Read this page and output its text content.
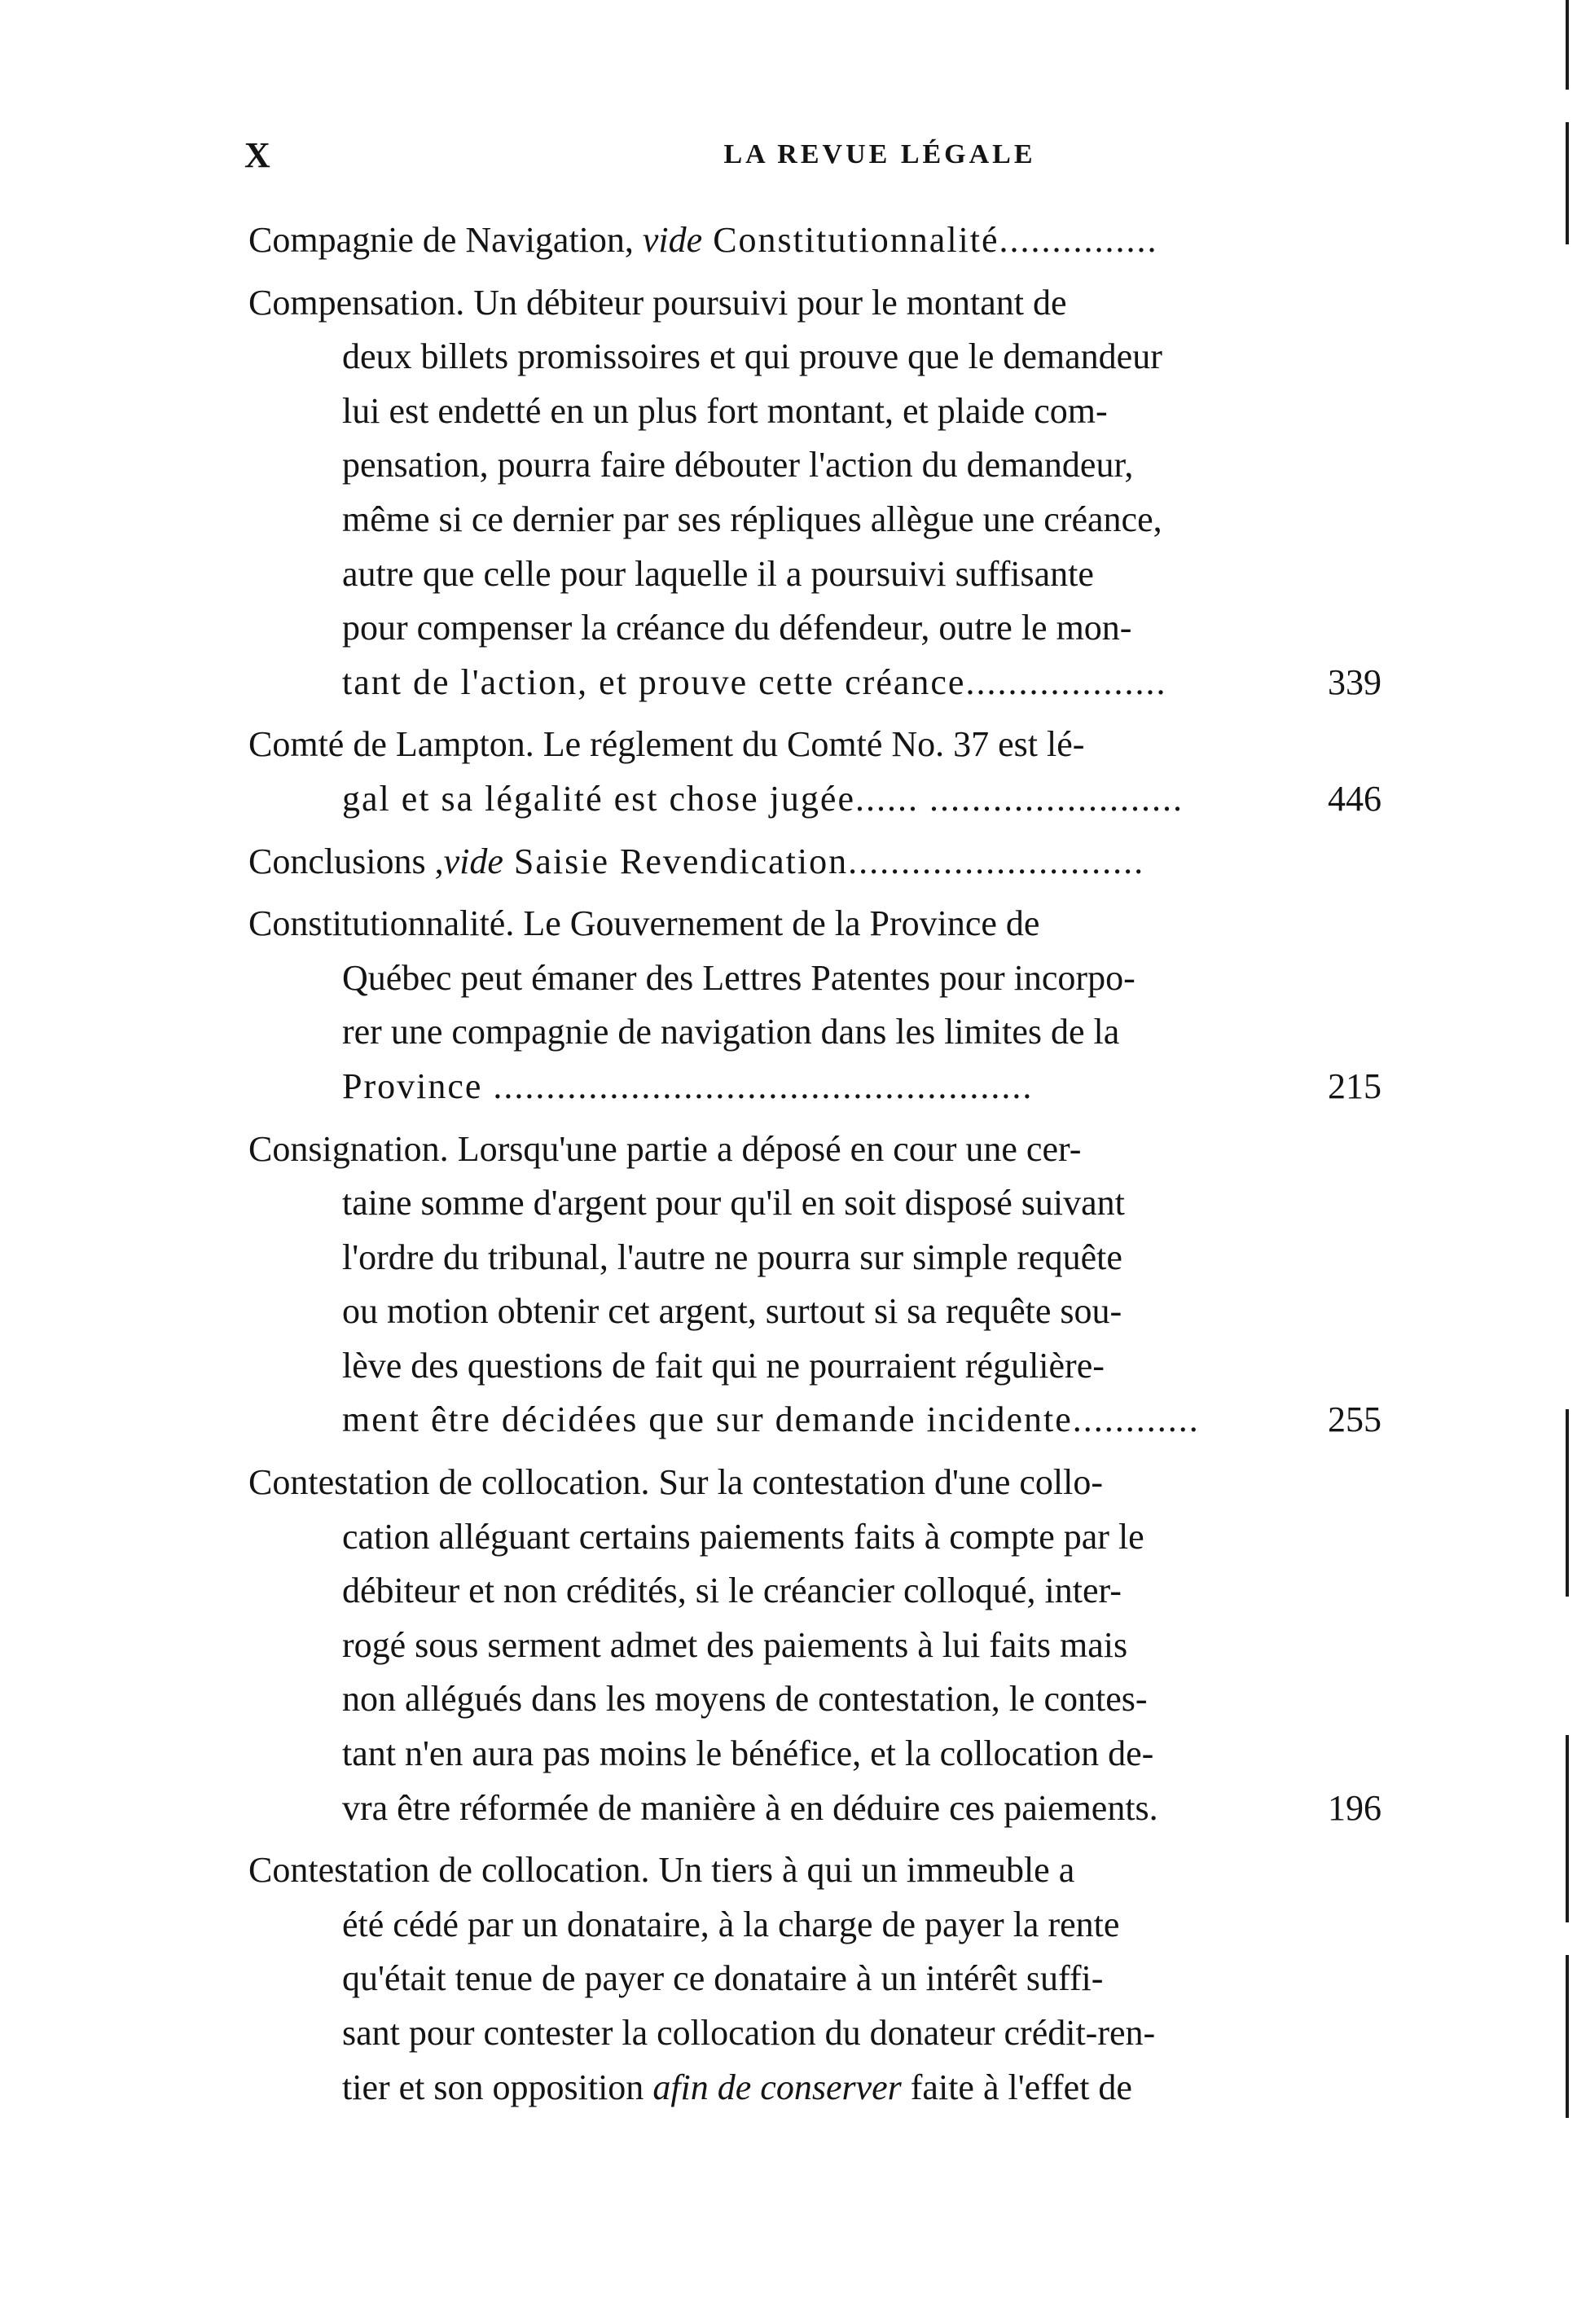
X	LA REVUE LÉGALE
Compagnie de Navigation, vide Constitutionnalité...............
Compensation. Un débiteur poursuivi pour le montant de
deux billets promissoires et qui prouve que le demandeur
lui est endetté en un plus fort montant, et plaide com-
pensation, pourra faire débouter l'action du demandeur,
même si ce dernier par ses répliques allègue une créance,
autre que celle pour laquelle il a poursuivi suffisante
pour compenser la créance du défendeur, outre le mon-
tant de l'action, et prouve cette créance...................	339
Comté de Lampton. Le réglement du Comté No. 37 est lé-
gal et sa légalité est chose jugée...... ........................	446
Conclusions ,vide Saisie Revendication............................
Constitutionnalité. Le Gouvernement de la Province de
Québec peut émaner des Lettres Patentes pour incorpo-
rer une compagnie de navigation dans les limites de la
Province ...................................................	215
Consignation. Lorsqu'une partie a déposé en cour une cer-
taine somme d'argent pour qu'il en soit disposé suivant
l'ordre du tribunal, l'autre ne pourra sur simple requête
ou motion obtenir cet argent, surtout si sa requête sou-
lève des questions de fait qui ne pourraient régulière-
ment être décidées que sur demande incidente............	255
Contestation de collocation. Sur la contestation d'une collo-
cation alléguant certains paiements faits à compte par le
débiteur et non crédités, si le créancier colloqué, inter-
rogé sous serment admet des paiements à lui faits mais
non allégués dans les moyens de contestation, le contes-
tant n'en aura pas moins le bénéfice, et la collocation de-
vra être réformée de manière à en déduire ces paiements.	196
Contestation de collocation. Un tiers à qui un immeuble a
été cédé par un donataire, à la charge de payer la rente
qu'était tenue de payer ce donataire à un intérêt suffi-
sant pour contester la collocation du donateur crédit-ren-
tier et son opposition afin de conserver faite à l'effet de
